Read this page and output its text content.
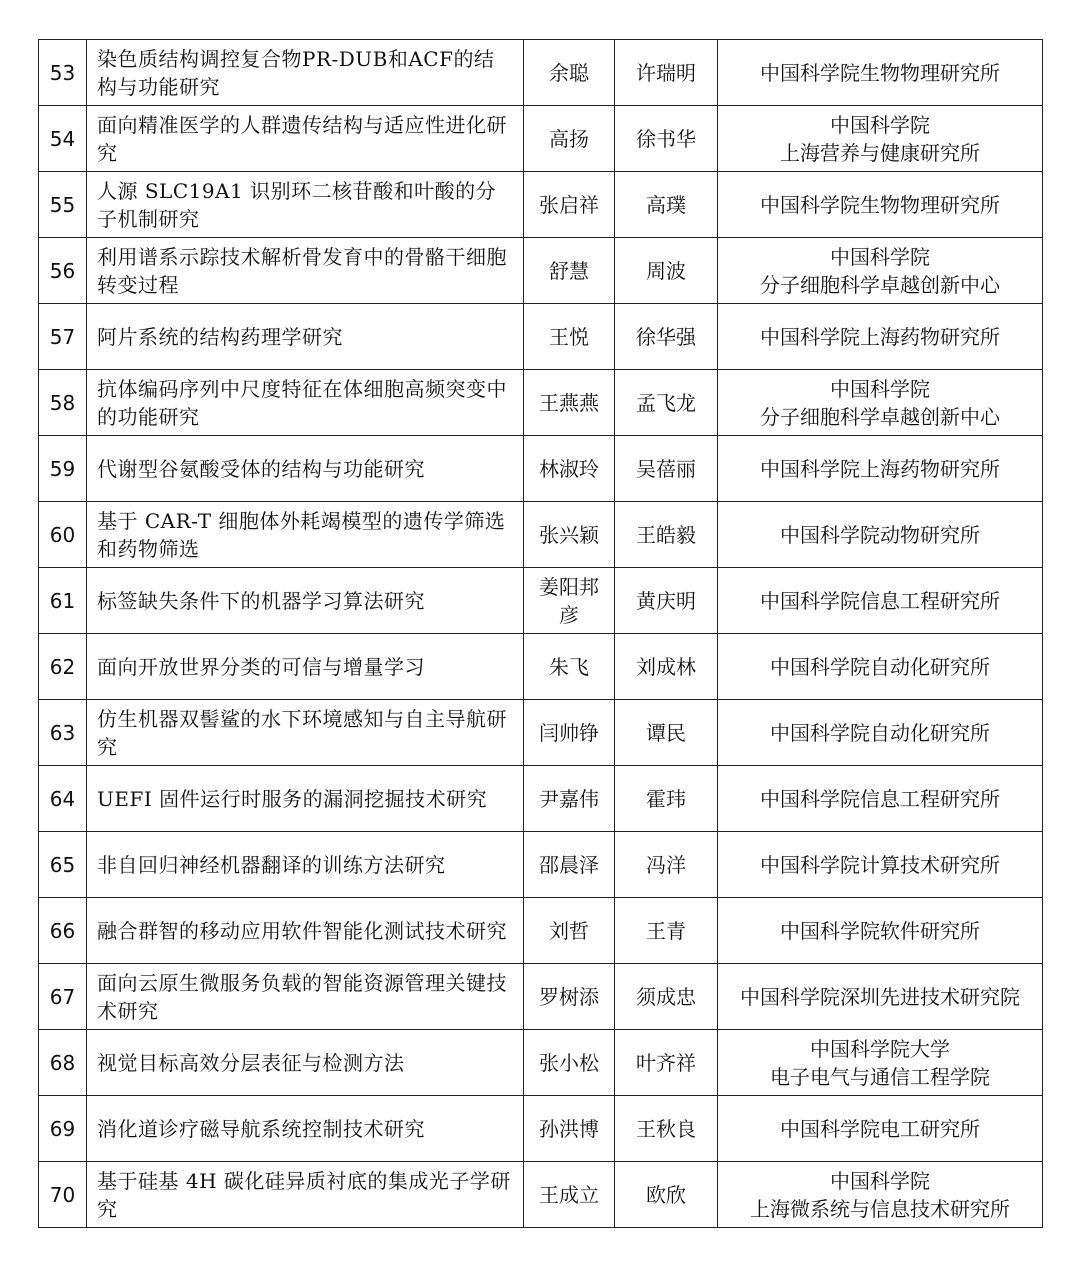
53	染色质结构调控复合物PR-DUB和ACF的结构与功能研究	余聪	许瑞明	中国科学院生物物理研究所

54	面向精准医学的人群遗传结构与适应性进化研究	高扬	徐书华	中国科学院
上海营养与健康研究所

55	人源 SLC19A1 识别环二核苷酸和叶酸的分子机制研究	张启祥	高璞	中国科学院生物物理研究所

56	利用谱系示踪技术解析骨发育中的骨骼干细胞转变过程	舒慧	周波	中国科学院
分子细胞科学卓越创新中心

57	阿片系统的结构药理学研究	王悦	徐华强	中国科学院上海药物研究所

58	抗体编码序列中尺度特征在体细胞高频突变中的功能研究	王燕燕	孟飞龙	中国科学院
分子细胞科学卓越创新中心

59	代谢型谷氨酸受体的结构与功能研究	林淑玲	吴蓓丽	中国科学院上海药物研究所

60	基于 CAR-T 细胞体外耗竭模型的遗传学筛选和药物筛选	张兴颖	王皓毅	中国科学院动物研究所

61	标签缺失条件下的机器学习算法研究	姜阳邦彦	黄庆明	中国科学院信息工程研究所

62	面向开放世界分类的可信与增量学习	朱飞	刘成林	中国科学院自动化研究所

63	仿生机器双髻鲨的水下环境感知与自主导航研究	闫帅铮	谭民	中国科学院自动化研究所

64	UEFI 固件运行时服务的漏洞挖掘技术研究	尹嘉伟	霍玮	中国科学院信息工程研究所

65	非自回归神经机器翻译的训练方法研究	邵晨泽	冯洋	中国科学院计算技术研究所

66	融合群智的移动应用软件智能化测试技术研究	刘哲	王青	中国科学院软件研究所

67	面向云原生微服务负载的智能资源管理关键技术研究	罗树添	须成忠	中国科学院深圳先进技术研究院

68	视觉目标高效分层表征与检测方法	张小松	叶齐祥	中国科学院大学
电子电气与通信工程学院

69	消化道诊疗磁导航系统控制技术研究	孙洪博	王秋良	中国科学院电工研究所

70	基于硅基 4H 碳化硅异质衬底的集成光子学研究	王成立	欧欣	中国科学院
上海微系统与信息技术研究所
